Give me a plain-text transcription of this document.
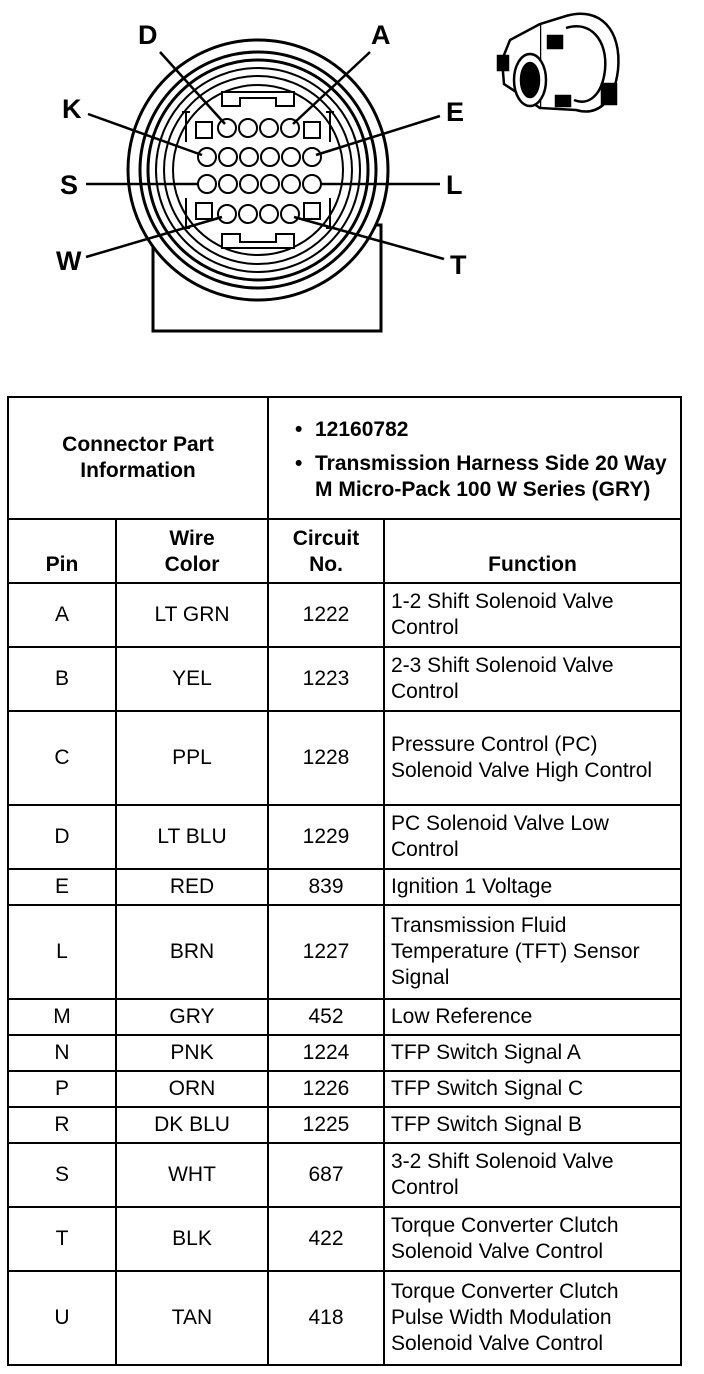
D	A
K	E
S	L
W	T
Connector Part Information		• 12160782
• Transmission Harness Side 20 Way M Micro-Pack 100 W Series (GRY)

Pin	Wire Color	Circuit No.	Function
A	LT GRN	1222	1-2 Shift Solenoid Valve Control
B	YEL	1223	2-3 Shift Solenoid Valve Control
C	PPL	1228	Pressure Control (PC) Solenoid Valve High Control
D	LT BLU	1229	PC Solenoid Valve Low Control
E	RED	839	Ignition 1 Voltage
L	BRN	1227	Transmission Fluid Temperature (TFT) Sensor Signal
M	GRY	452	Low Reference
N	PNK	1224	TFP Switch Signal A
P	ORN	1226	TFP Switch Signal C
R	DK BLU	1225	TFP Switch Signal B
S	WHT	687	3-2 Shift Solenoid Valve Control
T	BLK	422	Torque Converter Clutch Solenoid Valve Control
U	TAN	418	Torque Converter Clutch Pulse Width Modulation Solenoid Valve Control
